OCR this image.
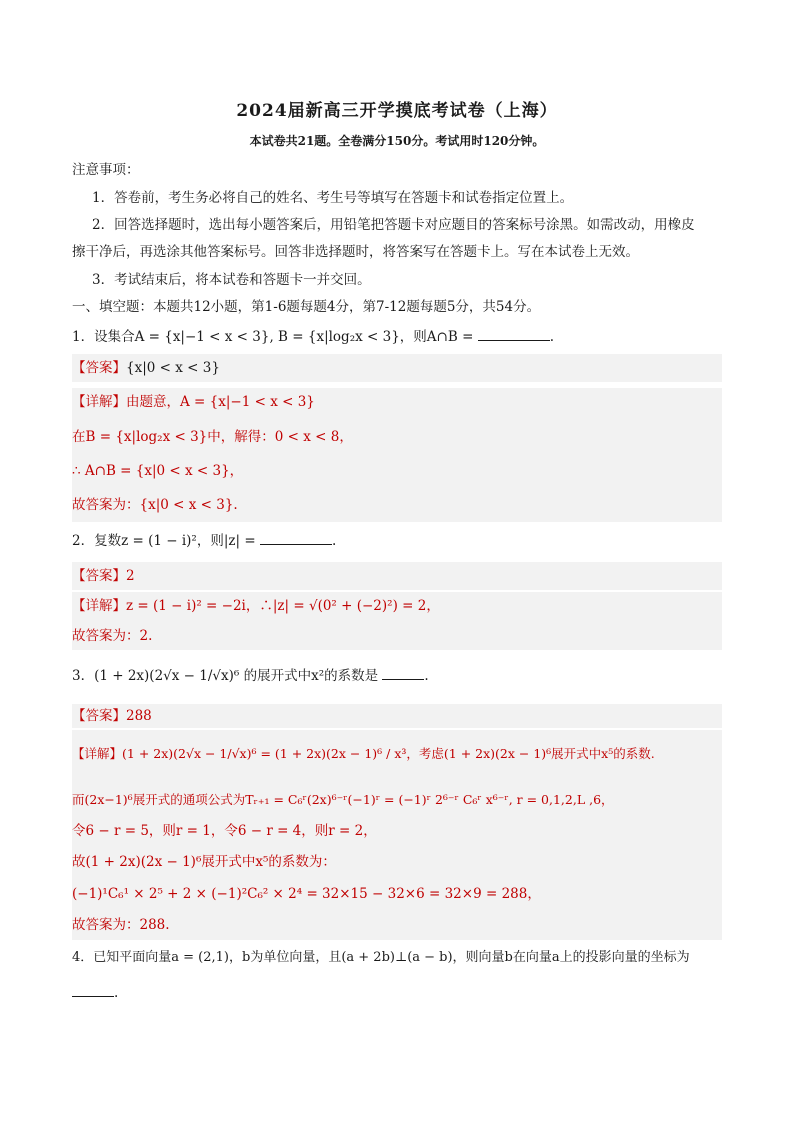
2024届新高三开学摸底考试卷（上海）
本试卷共21题。全卷满分150分。考试用时120分钟。
注意事项：
1．答卷前，考生务必将自己的姓名、考生号等填写在答题卡和试卷指定位置上。
2．回答选择题时，选出每小题答案后，用铅笔把答题卡对应题目的答案标号涂黑。如需改动，用橡皮
擦干净后，再选涂其他答案标号。回答非选择题时，将答案写在答题卡上。写在本试卷上无效。
3．考试结束后，将本试卷和答题卡一并交回。
一、填空题：本题共12小题，第1-6题每题4分，第7-12题每题5分，共54分。
1．设集合A = {x|−1 < x < 3}, B = {x|log₂x < 3}，则A∩B =	.
【答案】{x|0 < x < 3}
【详解】由题意，A = {x|−1 < x < 3}
在B = {x|log₂x < 3}中，解得：0 < x < 8，
∴ A∩B = {x|0 < x < 3}，
故答案为：{x|0 < x < 3}.
2．复数z = (1 − i)²，则|z| =	.
【答案】2
【详解】z = (1 − i)² = −2i，∴|z| = √(0² + (−2)²) = 2，
故答案为：2.
3．(1 + 2x)(2√x − 1/√x)⁶ 的展开式中x²的系数是	.
【答案】288
【详解】(1 + 2x)(2√x − 1/√x)⁶ = (1 + 2x)(2x − 1)⁶ / x³，考虑(1 + 2x)(2x − 1)⁶展开式中x⁵的系数.
而(2x−1)⁶展开式的通项公式为Tᵣ₊₁ = C₆ʳ(2x)⁶⁻ʳ(−1)ʳ = (−1)ʳ 2⁶⁻ʳ C₆ʳ x⁶⁻ʳ, r = 0,1,2,L ,6，
令6 − r = 5，则r = 1，令6 − r = 4，则r = 2，
故(1 + 2x)(2x − 1)⁶展开式中x⁵的系数为：
(−1)¹C₆¹ × 2⁵ + 2 × (−1)²C₆² × 2⁴ = 32×15 − 32×6 = 32×9 = 288，
故答案为：288.
4．已知平面向量a = (2,1)，b为单位向量，且(a + 2b)⊥(a − b)，则向量b在向量a上的投影向量的坐标为
.
